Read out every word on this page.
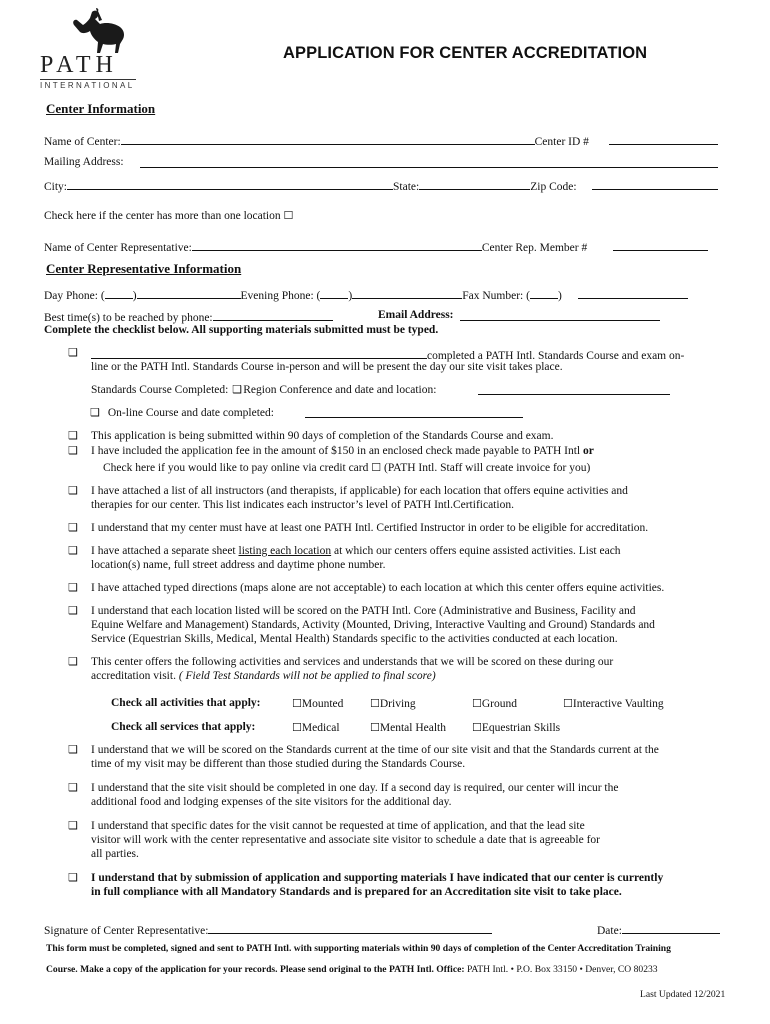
PATH
INTERNATIONAL
APPLICATION FOR CENTER ACCREDITATION
Center Information
Name of Center:	Center ID #
Mailing Address:
City:	State:	Zip Code:
Check here if the center has more than one location ☐
Name of Center Representative:	Center Rep. Member #
Center Representative Information
Day Phone: ( )	Evening Phone: ( )	Fax Number: ( )
Best time(s) to be reached by phone:	Email Address:
Complete the checklist below. All supporting materials submitted must be typed.
❑	completed a PATH Intl. Standards Course and exam on-
line or the PATH Intl. Standards Course in-person and will be present the day our site visit takes place.
Standards Course Completed: ❑Region Conference and date and location:
❑ On-line Course and date completed:
❑ This application is being submitted within 90 days of completion of the Standards Course and exam.
❑ I have included the application fee in the amount of $150 in an enclosed check made payable to PATH Intl or
Check here if you would like to pay online via credit card ☐ (PATH Intl. Staff will create invoice for you)
❑ I have attached a list of all instructors (and therapists, if applicable) for each location that offers equine activities and
therapies for our center. This list indicates each instructor’s level of PATH Intl.Certification.
❑ I understand that my center must have at least one PATH Intl. Certified Instructor in order to be eligible for accreditation.
❑ I have attached a separate sheet listing each location at which our centers offers equine assisted activities. List each
location(s) name, full street address and daytime phone number.
❑ I have attached typed directions (maps alone are not acceptable) to each location at which this center offers equine activities.
❑ I understand that each location listed will be scored on the PATH Intl. Core (Administrative and Business, Facility and
Equine Welfare and Management) Standards, Activity (Mounted, Driving, Interactive Vaulting and Ground) Standards and
Service (Equestrian Skills, Medical, Mental Health) Standards specific to the activities conducted at each location.
❑ This center offers the following activities and services and understands that we will be scored on these during our
accreditation visit. ( Field Test Standards will not be applied to final score)
Check all activities that apply:	☐Mounted ☐Driving	☐Ground	☐Interactive Vaulting
Check all services that apply:	☐Medical	☐Mental Health ☐Equestrian Skills
❑ I understand that we will be scored on the Standards current at the time of our site visit and that the Standards current at the
time of my visit may be different than those studied during the Standards Course.
❑ I understand that the site visit should be completed in one day. If a second day is required, our center will incur the
additional food and lodging expenses of the site visitors for the additional day.
❑ I understand that specific dates for the visit cannot be requested at time of application, and that the lead site
visitor will work with the center representative and associate site visitor to schedule a date that is agreeable for
all parties.
❑ I understand that by submission of application and supporting materials I have indicated that our center is currently
in full compliance with all Mandatory Standards and is prepared for an Accreditation site visit to take place.
Signature of Center Representative:	Date:
This form must be completed, signed and sent to PATH Intl. with supporting materials within 90 days of completion of the Center Accreditation Training
Course. Make a copy of the application for your records. Please send original to the PATH Intl. Office: PATH Intl. • P.O. Box 33150 • Denver, CO 80233
Last Updated 12/2021
